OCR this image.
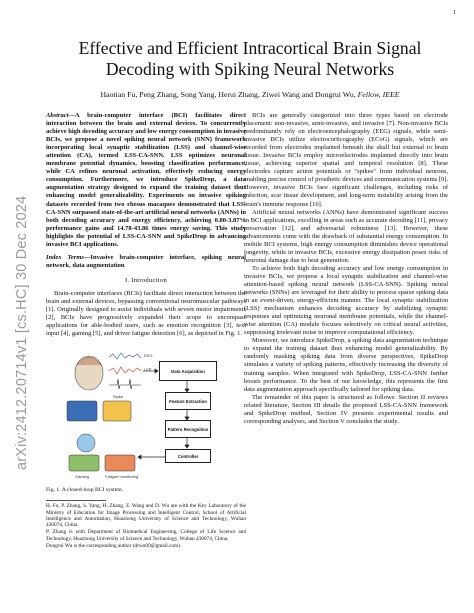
1
arXiv:2412.20714v1 [cs.HC] 30 Dec 2024
Effective and Efficient Intracortical Brain Signal
Decoding with Spiking Neural Networks
Haotian Fu, Peng Zhang, Song Yang, Herui Zhang, Ziwei Wang and Dongrui Wu, Fellow, IEEE

Abstract—A brain-computer interface (BCI) facilitates direct interaction between the brain and external devices. To concurrently achieve high decoding accuracy and low energy consumption in invasive BCIs, we propose a novel spiking neural network (SNN) framework incorporating local synaptic stabilization (LSS) and channel-wise attention (CA), termed LSS-CA-SNN. LSS optimizes neuronal membrane potential dynamics, boosting classification performance, while CA refines neuronal activation, effectively reducing energy consumption. Furthermore, we introduce SpikeDrop, a data augmentation strategy designed to expand the training dataset thus enhancing model generalizability. Experiments on invasive spiking datasets recorded from two rhesus macaques demonstrated that LSS-CA-SNN surpassed state-of-the-art artificial neural networks (ANNs) in both decoding accuracy and energy efficiency, achieving 0.80-3.87% performance gains and 14.78-43.86 times energy saving. This study highlights the potential of LSS-CA-SNN and SpikeDrop in advancing invasive BCI applications.

Index Terms—Invasive brain-computer interface, spiking neural network, data augmentation

I. Introduction

Brain-computer interfaces (BCIs) facilitate direct interaction between the brain and external devices, bypassing conventional neuromuscular pathways [1]. Originally designed to assist individuals with severe motor impairments [2], BCIs have progressively expanded their scope to encompass applications for able-bodied users, such as emotion recognition [3], text input [4], gaming [5], and driver fatigue detection [6], as depicted in Fig. 1.

EEG
LFP
Spike
Data Acquisition
Feature Extraction
Pattern Recognition
Controller
Gaming	Fatigue monitoring
Fig. 1. A closed-loop BCI system.

H. Fu, P. Zhang, S. Yang, H. Zhang, Z. Wang and D. Wu are with the Key Laboratory of the Ministry of Education for Image Processing and Intelligent Control, School of Artificial Intelligence and Automation, Huazhong University of Science and Technology, Wuhan 430074, China.

P. Zhang is with Department of Biomedical Engineering, College of Life Science and Technology, Huazhong University of Science and Technology, Wuhan 430074, China.

Dongrui Wu is the corresponding author (drwu09@gmail.com).

BCIs are generally categorized into three types based on electrode placement: non-invasive, semi-invasive, and invasive [7]. Non-invasive BCIs predominantly rely on electroencephalography (EEG) signals, while semi-invasive BCIs utilize electrocorticography (ECoG) signals, which are recorded from electrodes implanted beneath the skull but external to brain tissue. Invasive BCIs employ microelectrodes implanted directly into brain tissue, achieving superior spatial and temporal resolution [8]. These electrodes capture action potentials or "spikes" from individual neurons, enabling precise control of prosthetic devices and communication systems [9]. However, invasive BCIs face significant challenges, including risks of infection, scar tissue development, and long-term instability arising from the brain's immune response [10].

Artificial neural networks (ANNs) have demonstrated significant success in BCI applications, excelling in areas such as accurate decoding [11], privacy preservation [12], and adversarial robustness [13]. However, these advancements come with the drawback of substantial energy consumption. In mobile BCI systems, high energy consumption diminishes device operational longevity, while in invasive BCIs, excessive energy dissipation poses risks of neuronal damage due to heat generation.

To achieve both high decoding accuracy and low energy consumption in invasive BCIs, we propose a local synaptic stabilization and channel-wise attention-based spiking neural network (LSS-CA-SNN). Spiking neural networks (SNNs) are leveraged for their ability to process sparse spiking data in an event-driven, energy-efficient manner. The local synaptic stabilization (LSS) mechanism enhances decoding accuracy by stabilizing synaptic responses and optimizing neuronal membrane potentials, while the channel-wise attention (CA) module focuses selectively on critical neural activities, suppressing irrelevant noise to improve computational efficiency.

Moreover, we introduce SpikeDrop, a spiking data augmentation technique to expand the training dataset thus enhancing model generalizability. By randomly masking spiking data from diverse perspectives, SpikeDrop simulates a variety of spiking patterns, effectively increasing the diversity of training samples. When integrated with SpikeDrop, LSS-CA-SNN further boosts performance. To the best of our knowledge, this represents the first data augmentation approach specifically tailored for spiking data.

The remainder of this paper is structured as follows: Section II reviews related literature, Section III details the proposed LSS-CA-SNN framework and SpikeDrop method, Section IV presents experimental results and corresponding analyses, and Section V concludes the study.
